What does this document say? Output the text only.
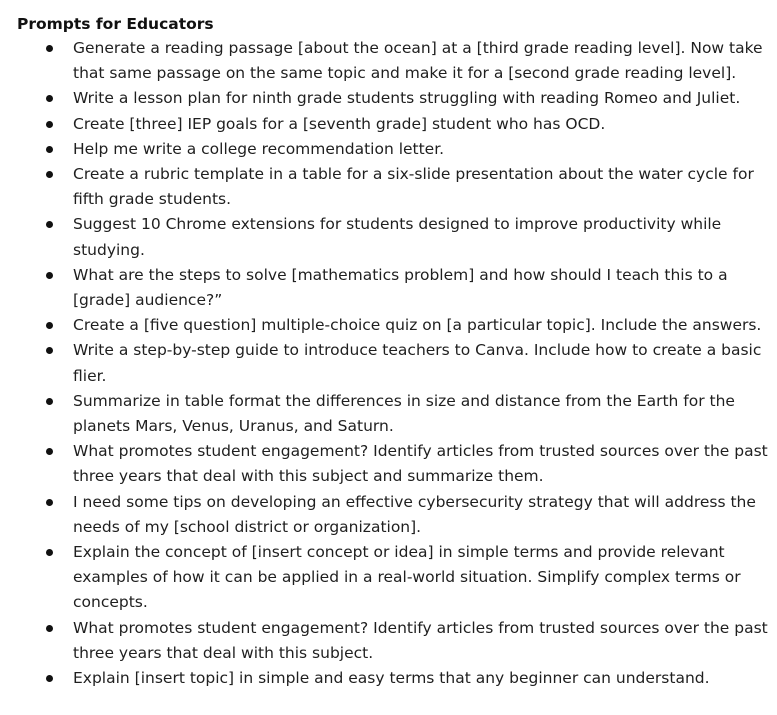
Prompts for Educators
Generate a reading passage [about the ocean] at a [third grade reading level]. Now take that same passage on the same topic and make it for a [second grade reading level].
Write a lesson plan for ninth grade students struggling with reading Romeo and Juliet.
Create [three] IEP goals for a [seventh grade] student who has OCD.
Help me write a college recommendation letter.
Create a rubric template in a table for a six-slide presentation about the water cycle for fifth grade students.
Suggest 10 Chrome extensions for students designed to improve productivity while studying.
What are the steps to solve [mathematics problem] and how should I teach this to a [grade] audience?”
Create a [five question] multiple-choice quiz on [a particular topic]. Include the answers.
Write a step-by-step guide to introduce teachers to Canva. Include how to create a basic flier.
Summarize in table format the differences in size and distance from the Earth for the planets Mars, Venus, Uranus, and Saturn.
What promotes student engagement? Identify articles from trusted sources over the past three years that deal with this subject and summarize them.
I need some tips on developing an effective cybersecurity strategy that will address the needs of my [school district or organization].
Explain the concept of [insert concept or idea] in simple terms and provide relevant examples of how it can be applied in a real-world situation. Simplify complex terms or concepts.
What promotes student engagement? Identify articles from trusted sources over the past three years that deal with this subject.
Explain [insert topic] in simple and easy terms that any beginner can understand.
